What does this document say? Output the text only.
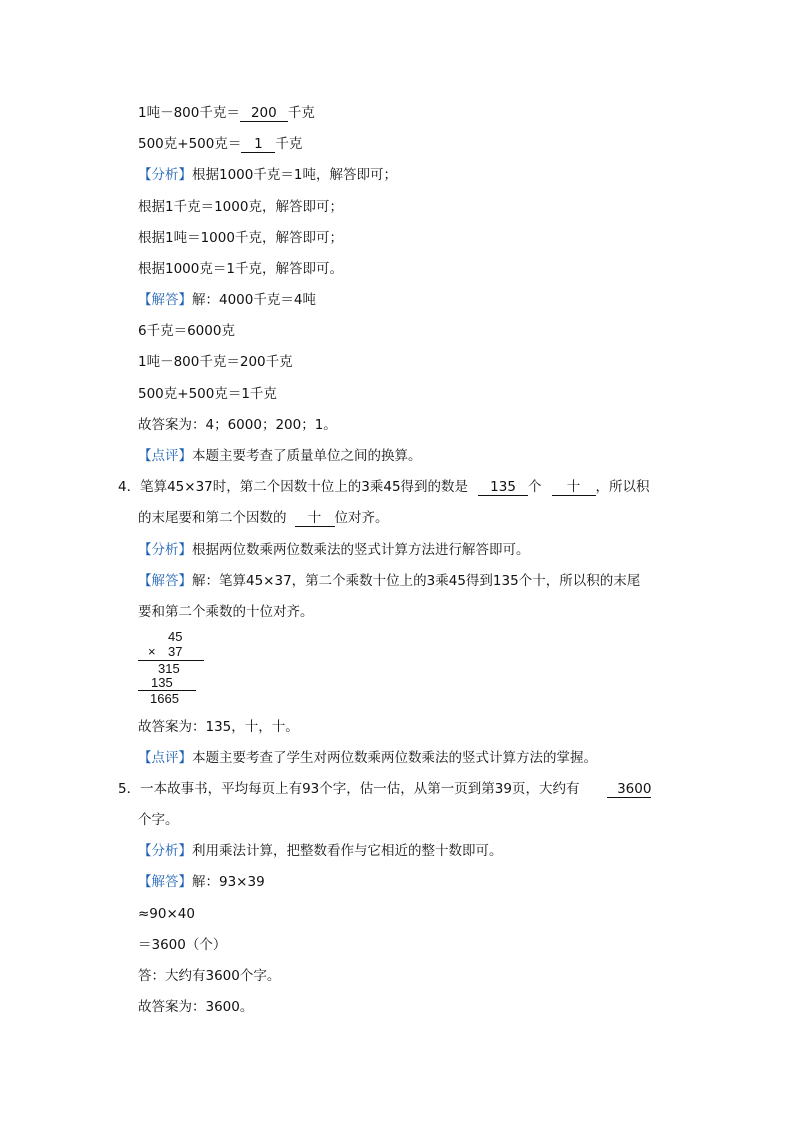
1吨－800千克＝ 200 千克
500克+500克＝ 1 千克
【分析】根据1000千克＝1吨，解答即可；
根据1千克＝1000克，解答即可；
根据1吨＝1000千克，解答即可；
根据1000克＝1千克，解答即可。
【解答】解：4000千克＝4吨
6千克＝6000克
1吨－800千克＝200千克
500克+500克＝1千克
故答案为：4；6000；200；1。
【点评】本题主要考查了质量单位之间的换算。
4．笔算45×37时，第二个因数十位上的3乘45得到的数是 135 个 十 ，所以积
的末尾要和第二个因数的 十 位对齐。
【分析】根据两位数乘两位数乘法的竖式计算方法进行解答即可。
【解答】解：笔算45×37，第二个乘数十位上的3乘45得到135个十，所以积的末尾
要和第二个乘数的十位对齐。
45
× 37
315
135
1665
故答案为：135，十，十。
【点评】本题主要考查了学生对两位数乘两位数乘法的竖式计算方法的掌握。
5．一本故事书，平均每页上有93个字，估一估，从第一页到第39页，大约有	3600
个字。
【分析】利用乘法计算，把整数看作与它相近的整十数即可。
【解答】解：93×39
≈90×40
＝3600（个）
答：大约有3600个字。
故答案为：3600。
